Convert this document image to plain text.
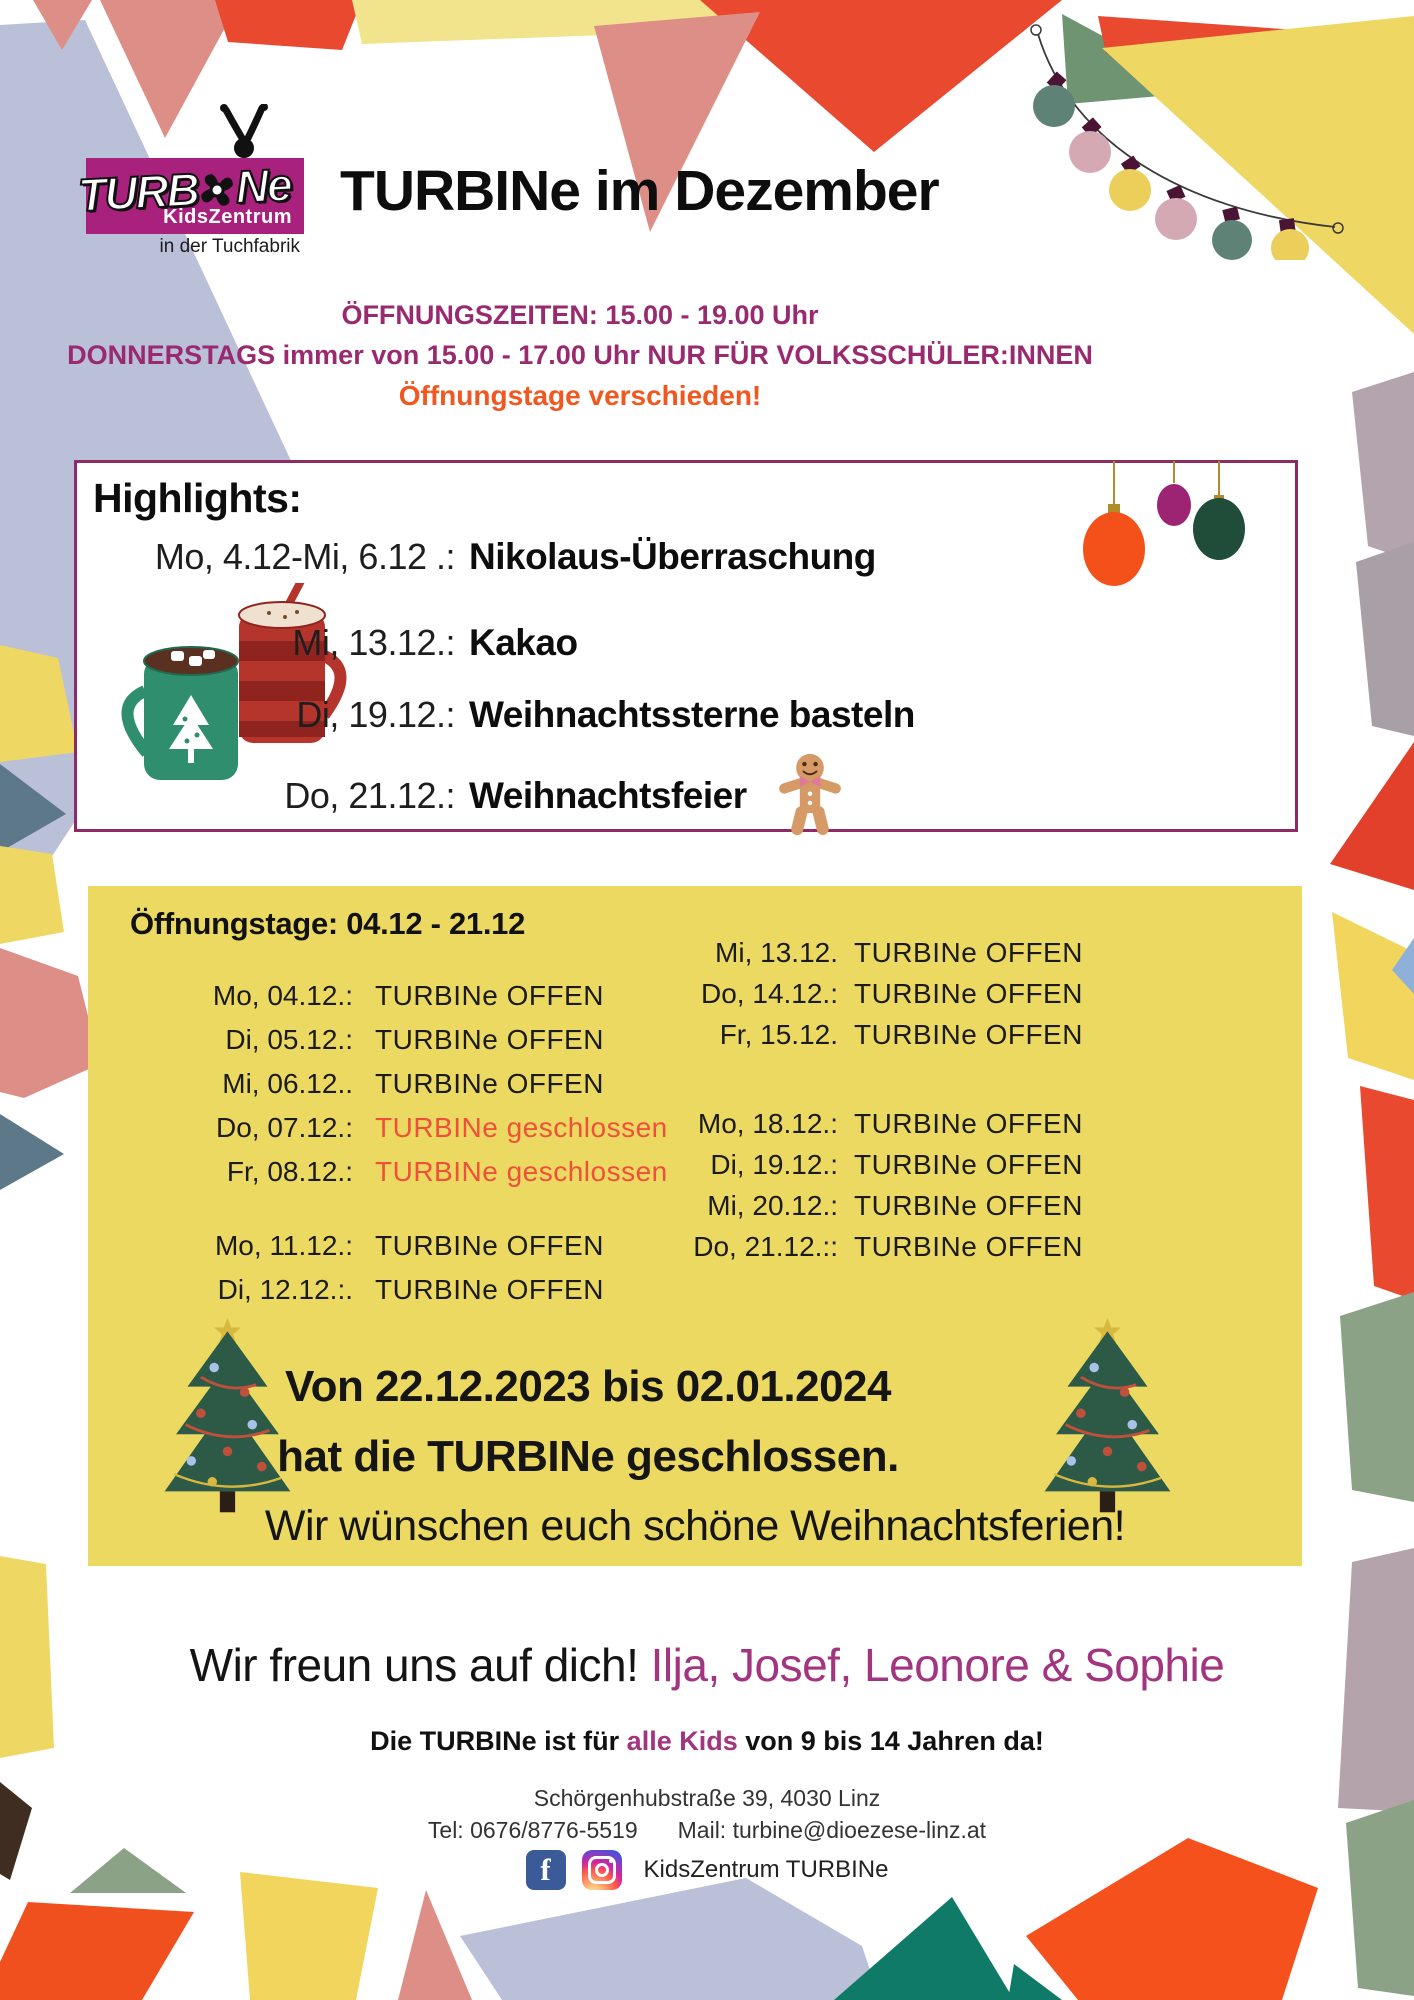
TURB Ne
KidsZentrum
in der Tuchfabrik
TURBINe im Dezember
ÖFFNUNGSZEITEN: 15.00 - 19.00 Uhr
DONNERSTAGS immer von 15.00 - 17.00 Uhr NUR FÜR VOLKSSCHÜLER:INNEN
Öffnungstage verschieden!
Highlights:
Mo, 4.12-Mi, 6.12 .: Nikolaus-Überraschung
Mi, 13.12.: Kakao
Di, 19.12.: Weihnachtssterne basteln
Do, 21.12.: Weihnachtsfeier
Öffnungstage: 04.12 - 21.12
Mo, 04.12.: TURBINe OFFEN
Di, 05.12.: TURBINe OFFEN
Mi, 06.12.. TURBINe OFFEN
Do, 07.12.: TURBINe geschlossen
Fr, 08.12.: TURBINe geschlossen
Mo, 11.12.: TURBINe OFFEN
Di, 12.12.:. TURBINe OFFEN
Mi, 13.12. TURBINe OFFEN
Do, 14.12.: TURBINe OFFEN
Fr, 15.12. TURBINe OFFEN
Mo, 18.12.: TURBINe OFFEN
Di, 19.12.: TURBINe OFFEN
Mi, 20.12.: TURBINe OFFEN
Do, 21.12.:: TURBINe OFFEN
Von 22.12.2023 bis 02.01.2024
hat die TURBINe geschlossen.
Wir wünschen euch schöne Weihnachtsferien!
Wir freun uns auf dich! Ilja, Josef, Leonore & Sophie
Die TURBINe ist für alle Kids von 9 bis 14 Jahren da!
Schörgenhubstraße 39, 4030 Linz
Tel: 0676/8776-5519 Mail: turbine@dioezese-linz.at
f	KidsZentrum TURBINe
